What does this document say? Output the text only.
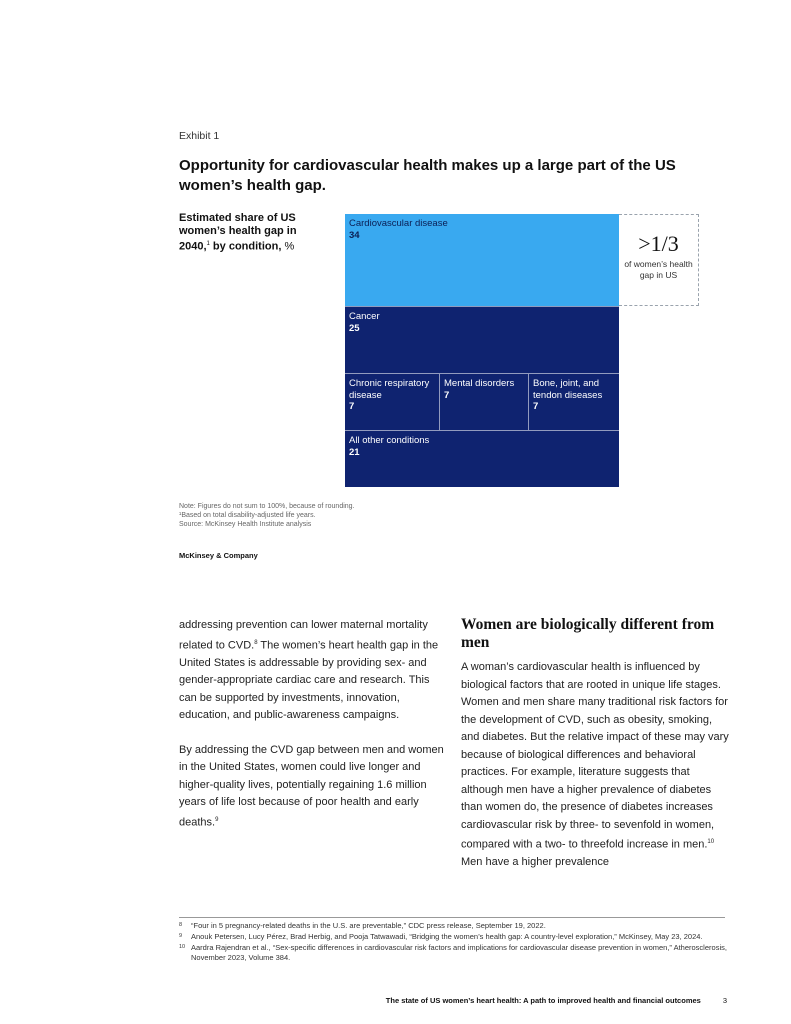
Exhibit 1
Opportunity for cardiovascular health makes up a large part of the US women’s health gap.
Estimated share of US women’s health gap in 2040,$^1$ by condition, %
Cardiovascular disease
34
Cancer
25
Chronic respiratory disease
7
Mental disorders
7
Bone, joint, and tendon diseases
7
All other conditions
21
>1/3
of women’s health gap in US
Note: Figures do not sum to 100%, because of rounding.
¹Based on total disability-adjusted life years.
Source: McKinsey Health Institute analysis
McKinsey & Company

addressing prevention can lower maternal mortality related to CVD.$^8$ The women’s heart health gap in the United States is addressable by providing sex- and gender-appropriate cardiac care and research. This can be supported by investments, innovation, education, and public-awareness campaigns.

By addressing the CVD gap between men and women in the United States, women could live longer and higher-quality lives, potentially regaining 1.6 million years of life lost because of poor health and early deaths.$^9$

Women are biologically different from men

A woman’s cardiovascular health is influenced by biological factors that are rooted in unique life stages. Women and men share many traditional risk factors for the development of CVD, such as obesity, smoking, and diabetes. But the relative impact of these may vary because of biological differences and behavioral practices. For example, literature suggests that although men have a higher prevalence of diabetes than women do, the presence of diabetes increases cardiovascular risk by three- to sevenfold in women, compared with a two- to threefold increase in men.$^{10}$ Men have a higher prevalence

8 “Four in 5 pregnancy-related deaths in the U.S. are preventable,” CDC press release, September 19, 2022.
9 Anouk Petersen, Lucy Pérez, Brad Herbig, and Pooja Tatwawadi, “Bridging the women’s health gap: A country-level exploration,” McKinsey, May 23, 2024.
10 Aardra Rajendran et al., “Sex-specific differences in cardiovascular risk factors and implications for cardiovascular disease prevention in women,” Atherosclerosis, November 2023, Volume 384.
The state of US women’s heart health: A path to improved health and financial outcomes	3
